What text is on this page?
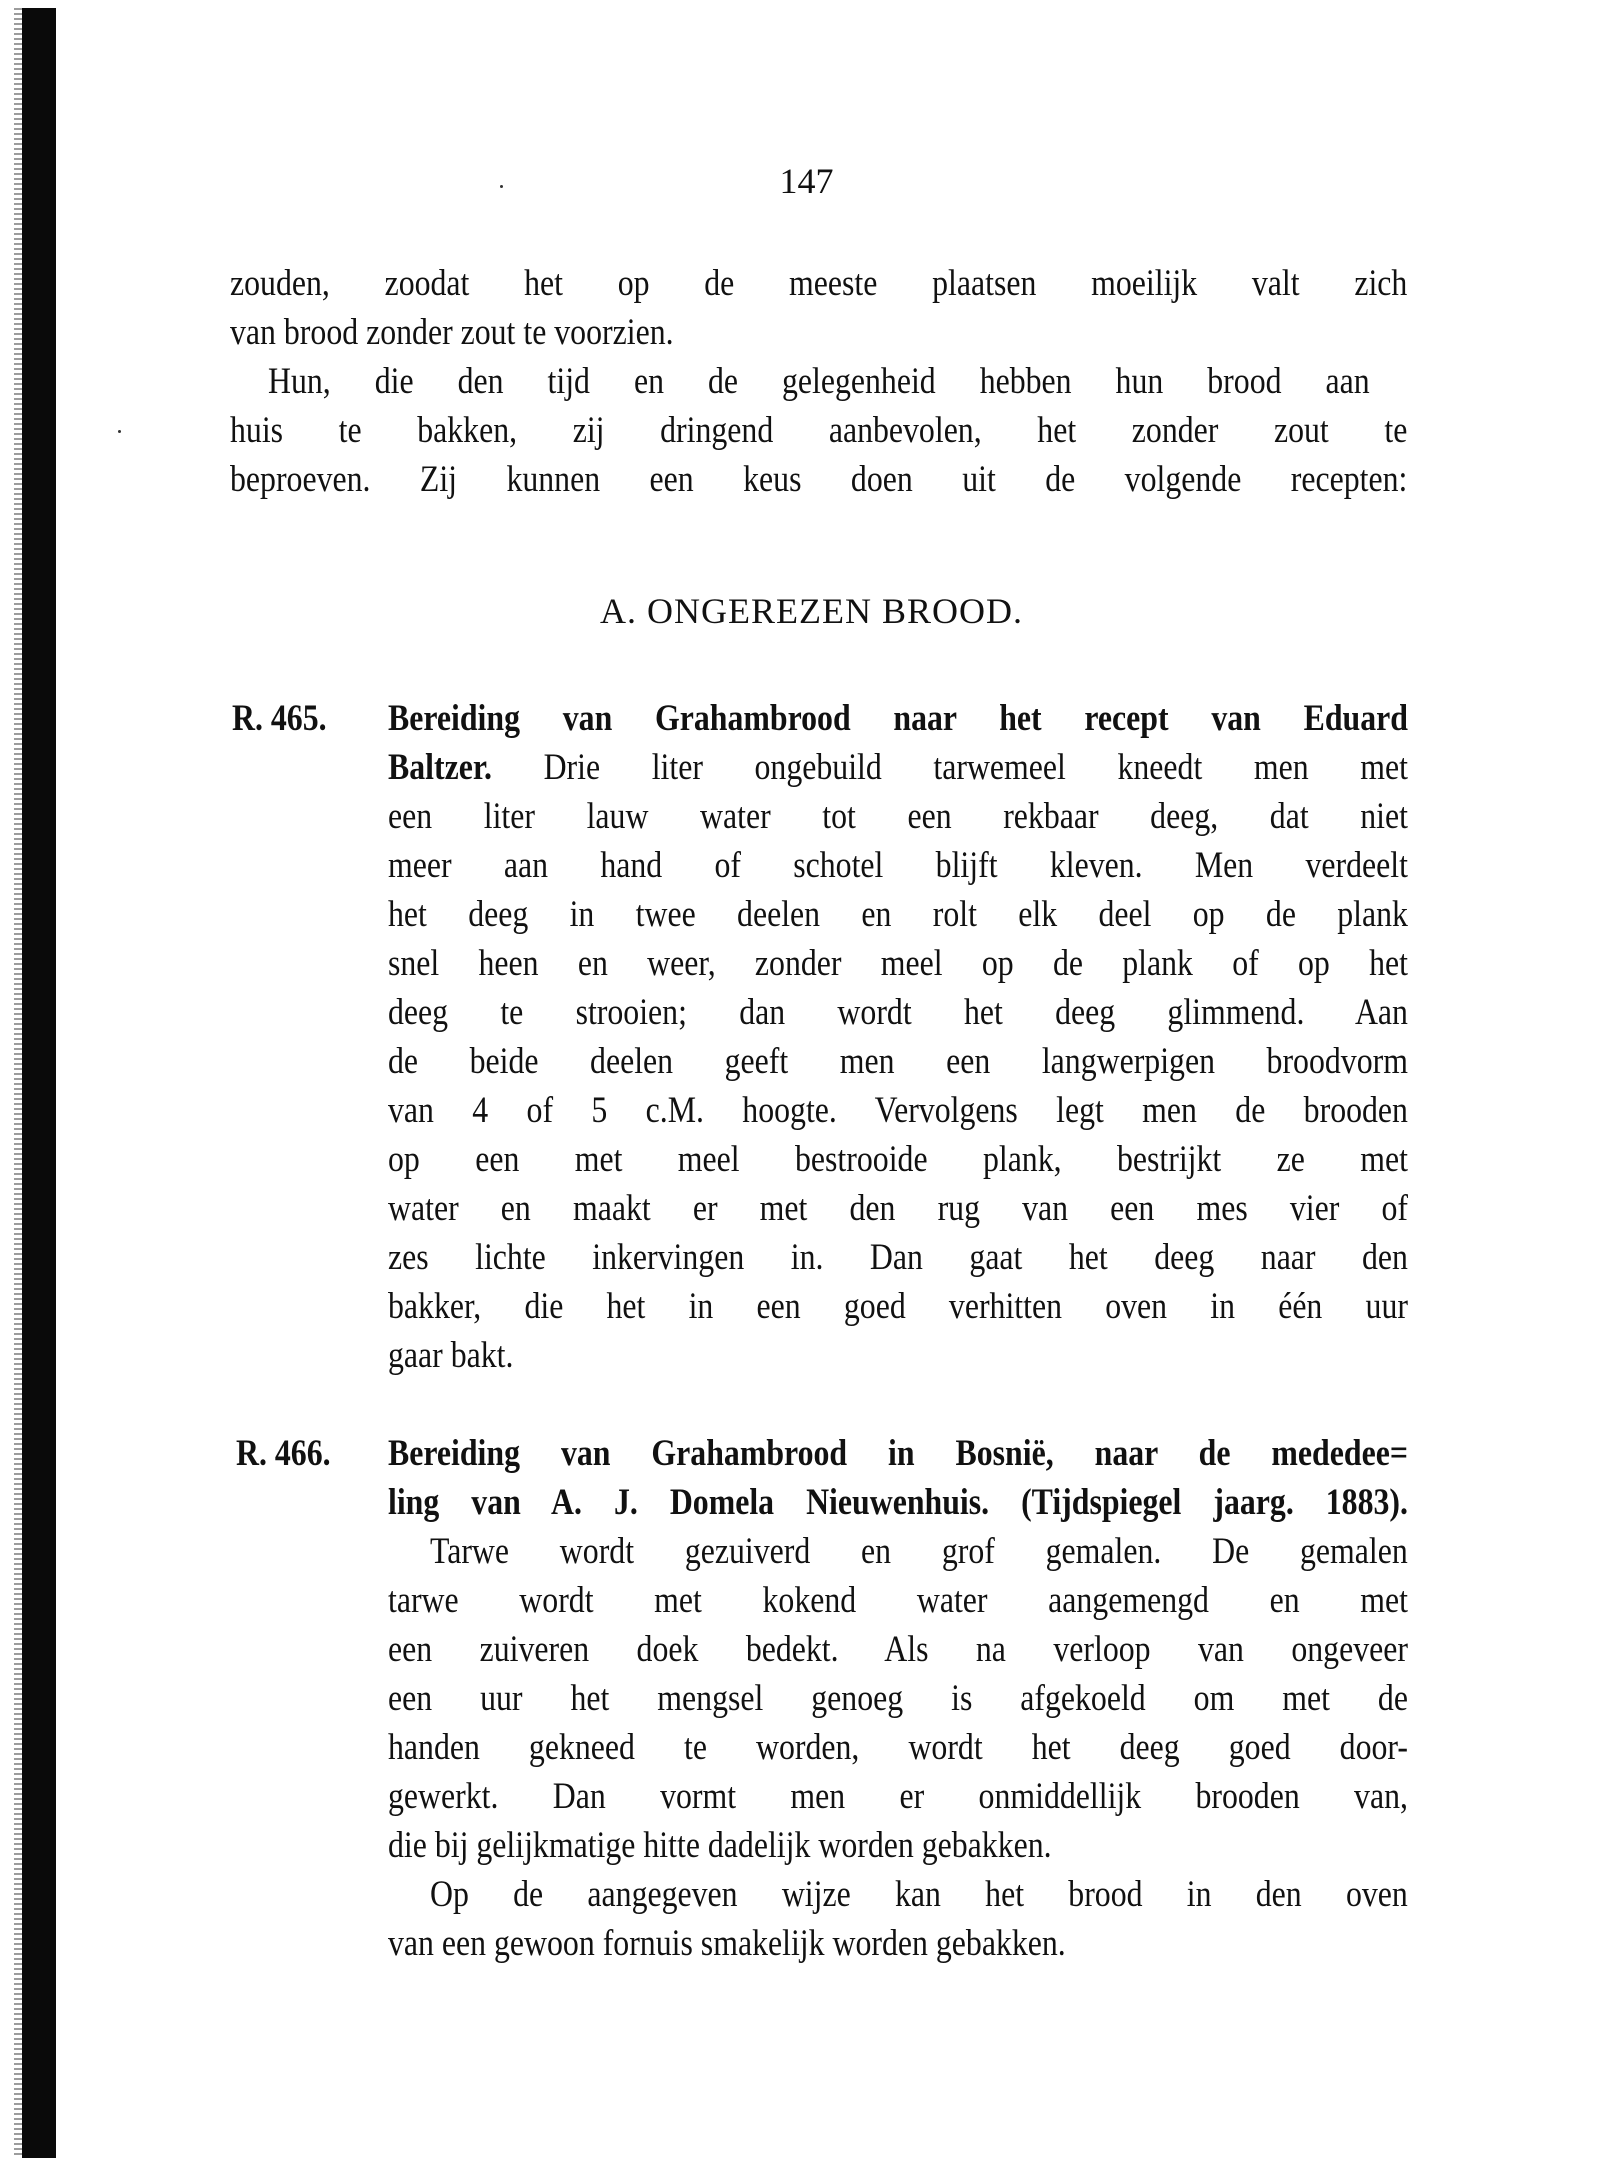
147
zouden, zoodat het op de meeste plaatsen moeilijk valt zich
van brood zonder zout te voorzien.
Hun, die den tijd en de gelegenheid hebben hun brood aan
huis te bakken, zij dringend aanbevolen, het zonder zout te
beproeven. Zij kunnen een keus doen uit de volgende recepten:
A. ONGEREZEN BROOD.
R. 465. Bereiding van Grahambrood naar het recept van Eduard
Baltzer. Drie liter ongebuild tarwemeel kneedt men met
een liter lauw water tot een rekbaar deeg, dat niet
meer aan hand of schotel blijft kleven. Men verdeelt
het deeg in twee deelen en rolt elk deel op de plank
snel heen en weer, zonder meel op de plank of op het
deeg te strooien; dan wordt het deeg glimmend. Aan
de beide deelen geeft men een langwerpigen broodvorm
van 4 of 5 c.M. hoogte. Vervolgens legt men de brooden
op een met meel bestrooide plank, bestrijkt ze met
water en maakt er met den rug van een mes vier of
zes lichte inkervingen in. Dan gaat het deeg naar den
bakker, die het in een goed verhitten oven in één uur
gaar bakt.
R. 466. Bereiding van Grahambrood in Bosnië, naar de mededee=
ling van A. J. Domela Nieuwenhuis. (Tijdspiegel jaarg. 1883).
Tarwe wordt gezuiverd en grof gemalen. De gemalen
tarwe wordt met kokend water aangemengd en met
een zuiveren doek bedekt. Als na verloop van ongeveer
een uur het mengsel genoeg is afgekoeld om met de
handen gekneed te worden, wordt het deeg goed door-
gewerkt. Dan vormt men er onmiddellijk brooden van,
die bij gelijkmatige hitte dadelijk worden gebakken.
Op de aangegeven wijze kan het brood in den oven
van een gewoon fornuis smakelijk worden gebakken.
